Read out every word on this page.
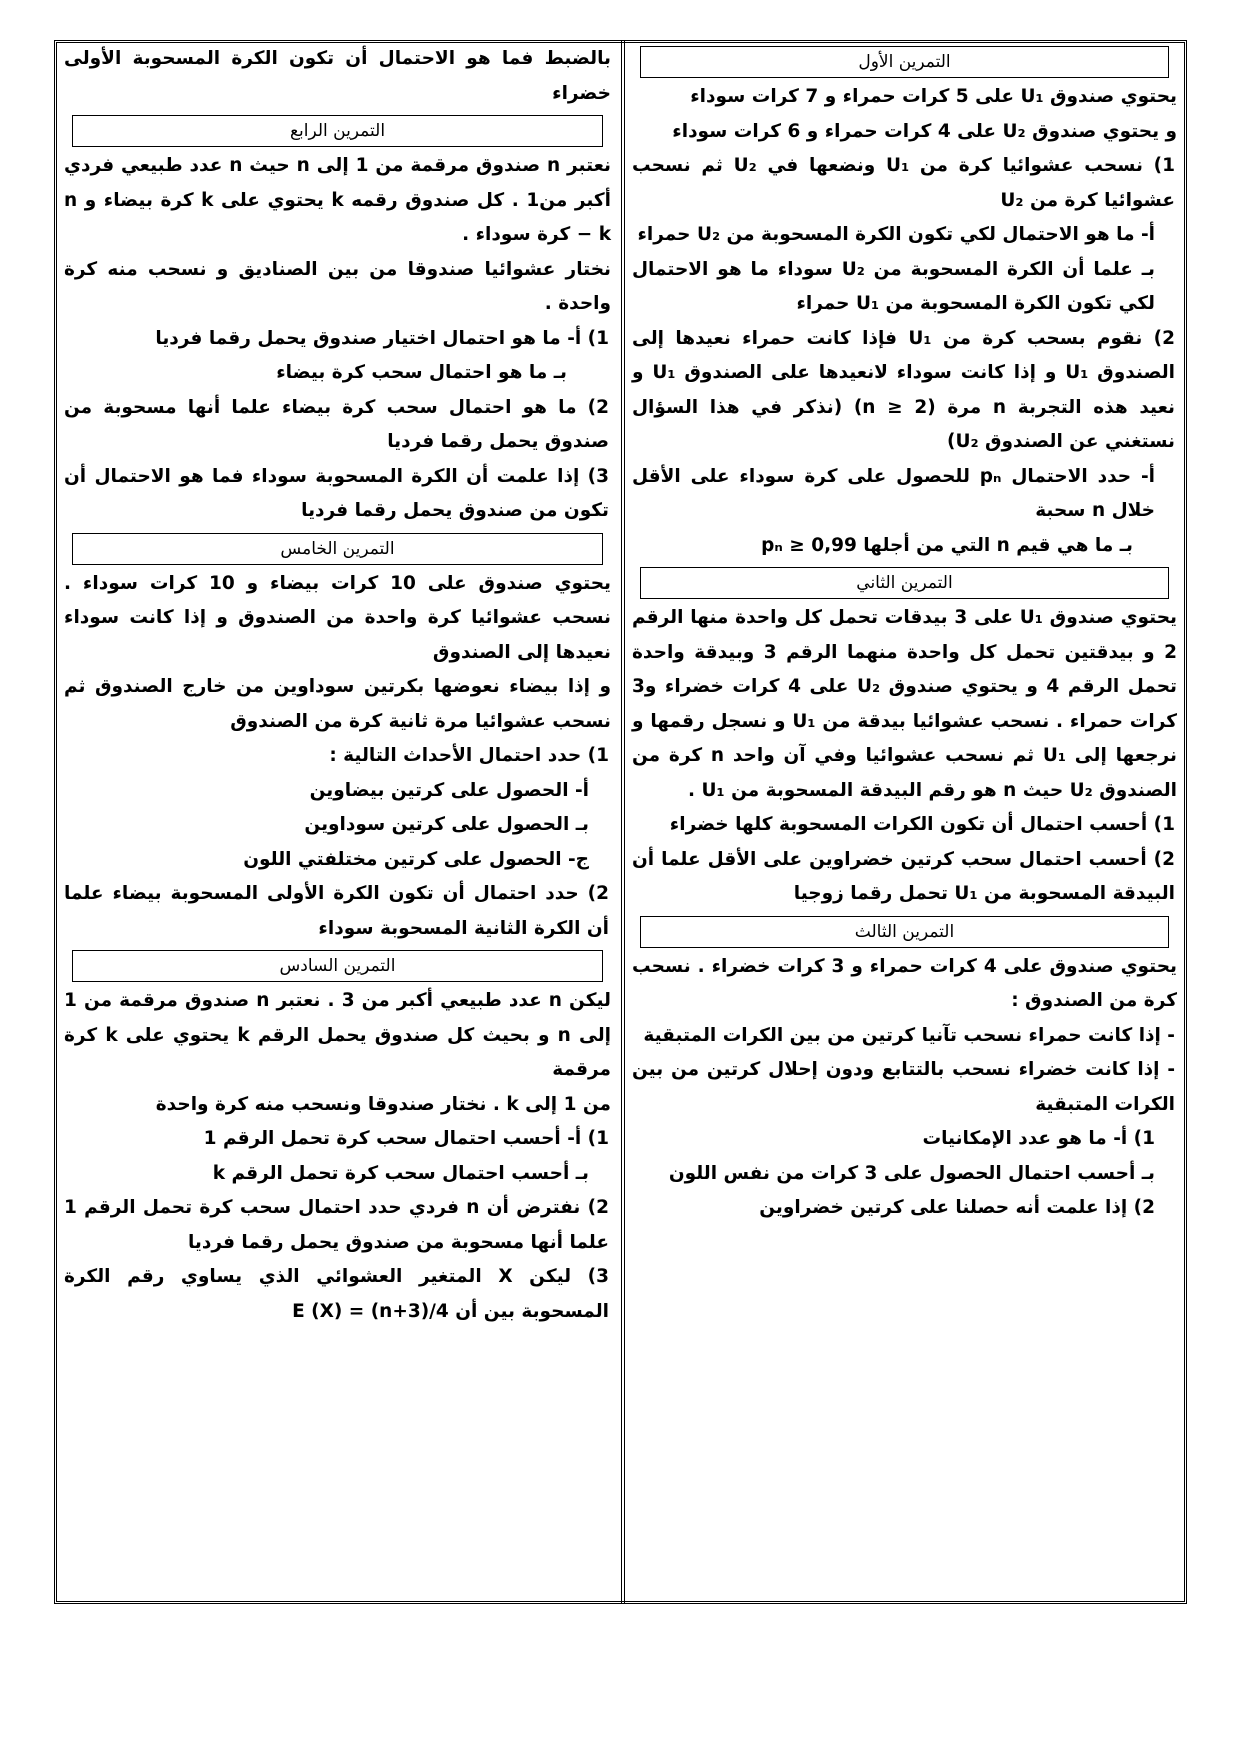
التمرين الأول

يحتوي صندوق U₁ على 5 كرات حمراء و 7 كرات سوداء

و يحتوي صندوق U₂ على 4 كرات حمراء و 6 كرات سوداء

1) نسحب عشوائيا كرة من U₁ ونضعها في U₂ ثم نسحب عشوائيا كرة من U₂

أ- ما هو الاحتمال لكي تكون الكرة المسحوبة من U₂ حمراء

بـ علما أن الكرة المسحوبة من U₂ سوداء ما هو الاحتمال لكي تكون الكرة المسحوبة من U₁ حمراء

2) نقوم بسحب كرة من U₁ فإذا كانت حمراء نعيدها إلى الصندوق U₁ و إذا كانت سوداء لانعيدها على الصندوق U₁ و نعيد هذه التجربة n مرة (n ≥ 2) (نذكر في هذا السؤال نستغني عن الصندوق U₂)

أ- حدد الاحتمال pₙ للحصول على كرة سوداء على الأقل خلال n سحبة

بـ ما هي قيم n التي من أجلها pₙ ≥ 0,99

التمرين الثاني

يحتوي صندوق U₁ على 3 بيدقات تحمل كل واحدة منها الرقم 2 و بيدقتين تحمل كل واحدة منهما الرقم 3 وبيدقة واحدة تحمل الرقم 4 و يحتوي صندوق U₂ على 4 كرات خضراء و3 كرات حمراء . نسحب عشوائيا بيدقة من U₁ و نسجل رقمها و نرجعها إلى U₁ ثم نسحب عشوائيا وفي آن واحد n كرة من الصندوق U₂ حيث n هو رقم البيدقة المسحوبة من U₁ .

1) أحسب احتمال أن تكون الكرات المسحوبة كلها خضراء

2) أحسب احتمال سحب كرتين خضراوين على الأقل علما أن البيدقة المسحوبة من U₁ تحمل رقما زوجيا

التمرين الثالث

يحتوي صندوق على 4 كرات حمراء و 3 كرات خضراء . نسحب كرة من الصندوق :

- إذا كانت حمراء نسحب تآنيا كرتين من بين الكرات المتبقية

- إذا كانت خضراء نسحب بالتتابع ودون إحلال كرتين من بين الكرات المتبقية

1) أ- ما هو عدد الإمكانيات

بـ أحسب احتمال الحصول على 3 كرات من نفس اللون

2) إذا علمت أنه حصلنا على كرتين خضراوين

بالضبط فما هو الاحتمال أن تكون الكرة المسحوبة الأولى خضراء

التمرين الرابع

نعتبر n صندوق مرقمة من 1 إلى n حيث n عدد طبيعي فردي أكبر من1 . كل صندوق رقمه k يحتوي على k كرة بيضاء و n − k كرة سوداء .

نختار عشوائيا صندوقا من بين الصناديق و نسحب منه كرة واحدة .

1) أ- ما هو احتمال اختيار صندوق يحمل رقما فرديا

بـ ما هو احتمال سحب كرة بيضاء

2) ما هو احتمال سحب كرة بيضاء علما أنها مسحوبة من صندوق يحمل رقما فرديا

3) إذا علمت أن الكرة المسحوبة سوداء فما هو الاحتمال أن تكون من صندوق يحمل رقما فرديا

التمرين الخامس

يحتوي صندوق على 10 كرات بيضاء و 10 كرات سوداء . نسحب عشوائيا كرة واحدة من الصندوق و إذا كانت سوداء نعيدها إلى الصندوق

و إذا بيضاء نعوضها بكرتين سوداوين من خارج الصندوق ثم نسحب عشوائيا مرة ثانية كرة من الصندوق

1) حدد احتمال الأحداث التالية :

أ- الحصول على كرتين بيضاوين

بـ الحصول على كرتين سوداوين

ج- الحصول على كرتين مختلفتي اللون

2) حدد احتمال أن تكون الكرة الأولى المسحوبة بيضاء علما أن الكرة الثانية المسحوبة سوداء

التمرين السادس

ليكن n عدد طبيعي أكبر من 3 . نعتبر n صندوق مرقمة من 1 إلى n و بحيث كل صندوق يحمل الرقم k يحتوي على k كرة مرقمة

من 1 إلى k . نختار صندوقا ونسحب منه كرة واحدة

1) أ- أحسب احتمال سحب كرة تحمل الرقم 1

بـ أحسب احتمال سحب كرة تحمل الرقم k

2) نفترض أن n فردي حدد احتمال سحب كرة تحمل الرقم 1 علما أنها مسحوبة من صندوق يحمل رقما فرديا

3) ليكن X المتغير العشوائي الذي يساوي رقم الكرة المسحوبة بين أن E (X) = (n+3)/4
